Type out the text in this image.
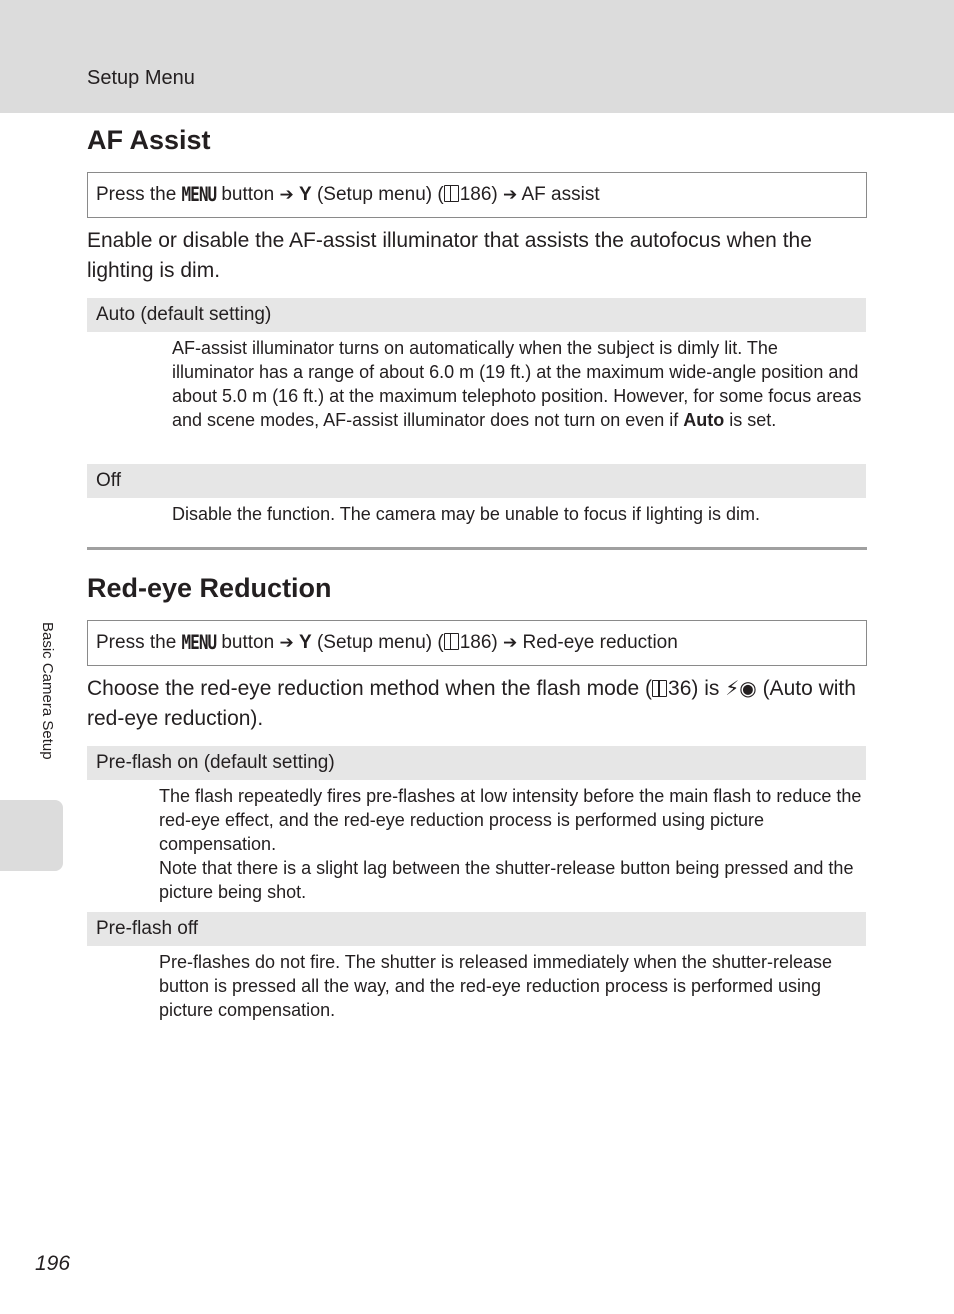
Setup Menu
AF Assist
Press the MENU button ➔ Y (Setup menu) ( 186) ➔ AF assist
Enable or disable the AF-assist illuminator that assists the autofocus when the lighting is dim.
Auto (default setting)
AF-assist illuminator turns on automatically when the subject is dimly lit. The illuminator has a range of about 6.0 m (19 ft.) at the maximum wide-angle position and about 5.0 m (16 ft.) at the maximum telephoto position. However, for some focus areas and scene modes, AF-assist illuminator does not turn on even if Auto is set.
Off
Disable the function. The camera may be unable to focus if lighting is dim.
Red-eye Reduction
Press the MENU button ➔ Y (Setup menu) ( 186) ➔ Red-eye reduction
Choose the red-eye reduction method when the flash mode ( 36) is ⚡◉ (Auto with red-eye reduction).
Pre-flash on (default setting)
The flash repeatedly fires pre-flashes at low intensity before the main flash to reduce the red-eye effect, and the red-eye reduction process is performed using picture compensation.
Note that there is a slight lag between the shutter-release button being pressed and the picture being shot.
Pre-flash off
Pre-flashes do not fire. The shutter is released immediately when the shutter-release button is pressed all the way, and the red-eye reduction process is performed using picture compensation.
Basic Camera Setup
196
